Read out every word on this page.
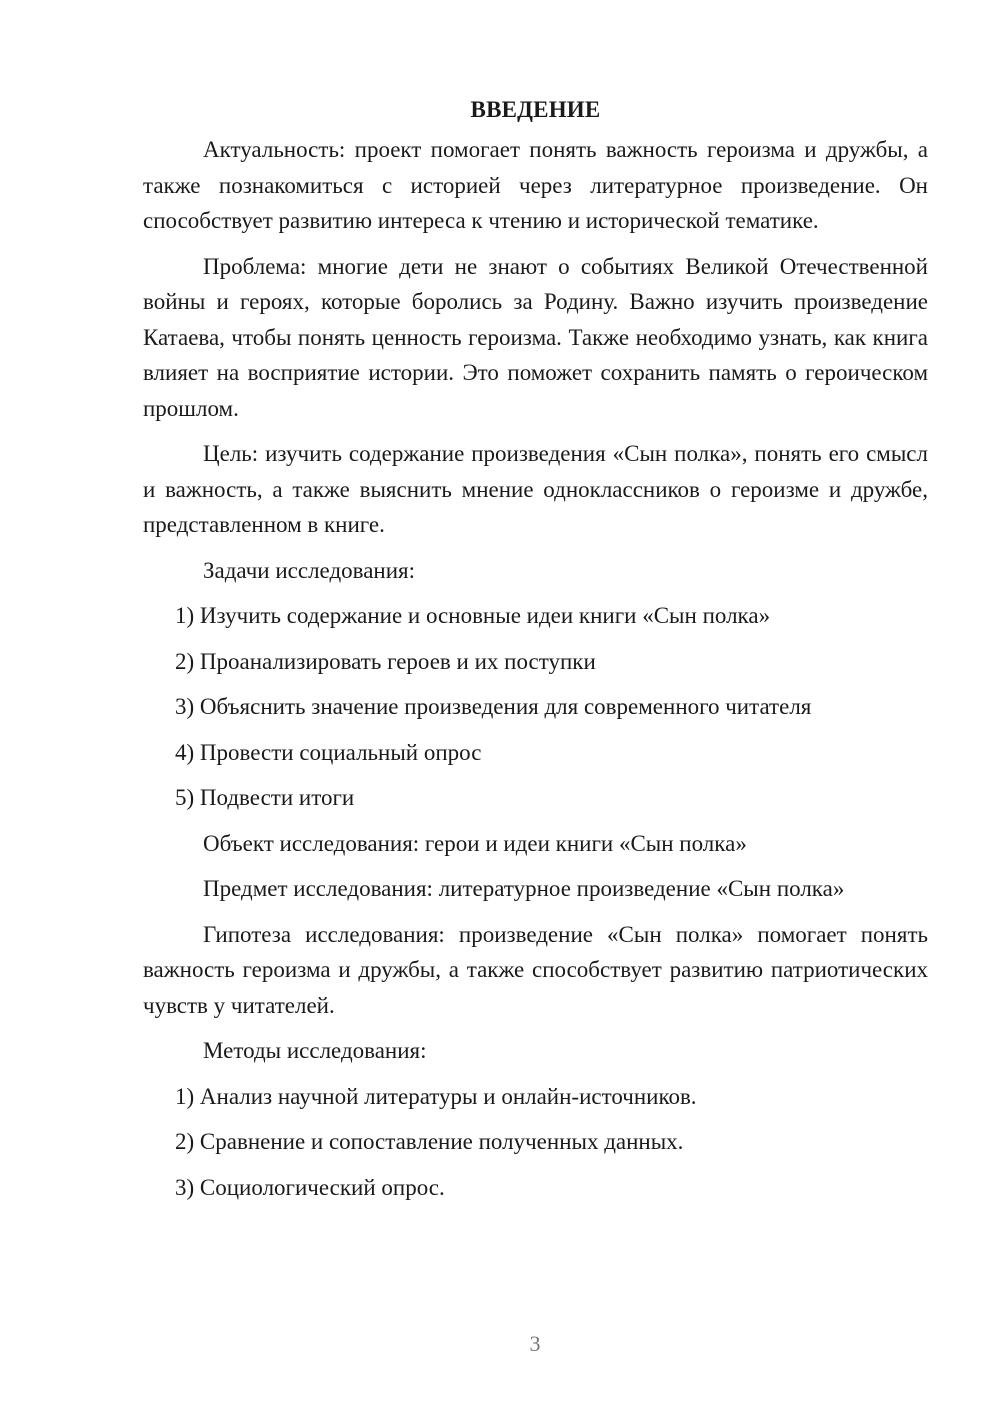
ВВЕДЕНИЕ

Актуальность: проект помогает понять важность героизма и дружбы, а также познакомиться с историей через литературное произведение. Он способствует развитию интереса к чтению и исторической тематике.

Проблема: многие дети не знают о событиях Великой Отечественной войны и героях, которые боролись за Родину. Важно изучить произведение Катаева, чтобы понять ценность героизма. Также необходимо узнать, как книга влияет на восприятие истории. Это поможет сохранить память о героическом прошлом.

Цель: изучить содержание произведения «Сын полка», понять его смысл и важность, а также выяснить мнение одноклассников о героизме и дружбе, представленном в книге.

Задачи исследования:
1) Изучить содержание и основные идеи книги «Сын полка»
2) Проанализировать героев и их поступки
3) Объяснить значение произведения для современного читателя
4) Провести социальный опрос
5) Подвести итоги
Объект исследования: герои и идеи книги «Сын полка»
Предмет исследования: литературное произведение «Сын полка»

Гипотеза исследования: произведение «Сын полка» помогает понять важность героизма и дружбы, а также способствует развитию патриотических чувств у читателей.

Методы исследования:
1) Анализ научной литературы и онлайн-источников.
2) Сравнение и сопоставление полученных данных.
3) Социологический опрос.
3
